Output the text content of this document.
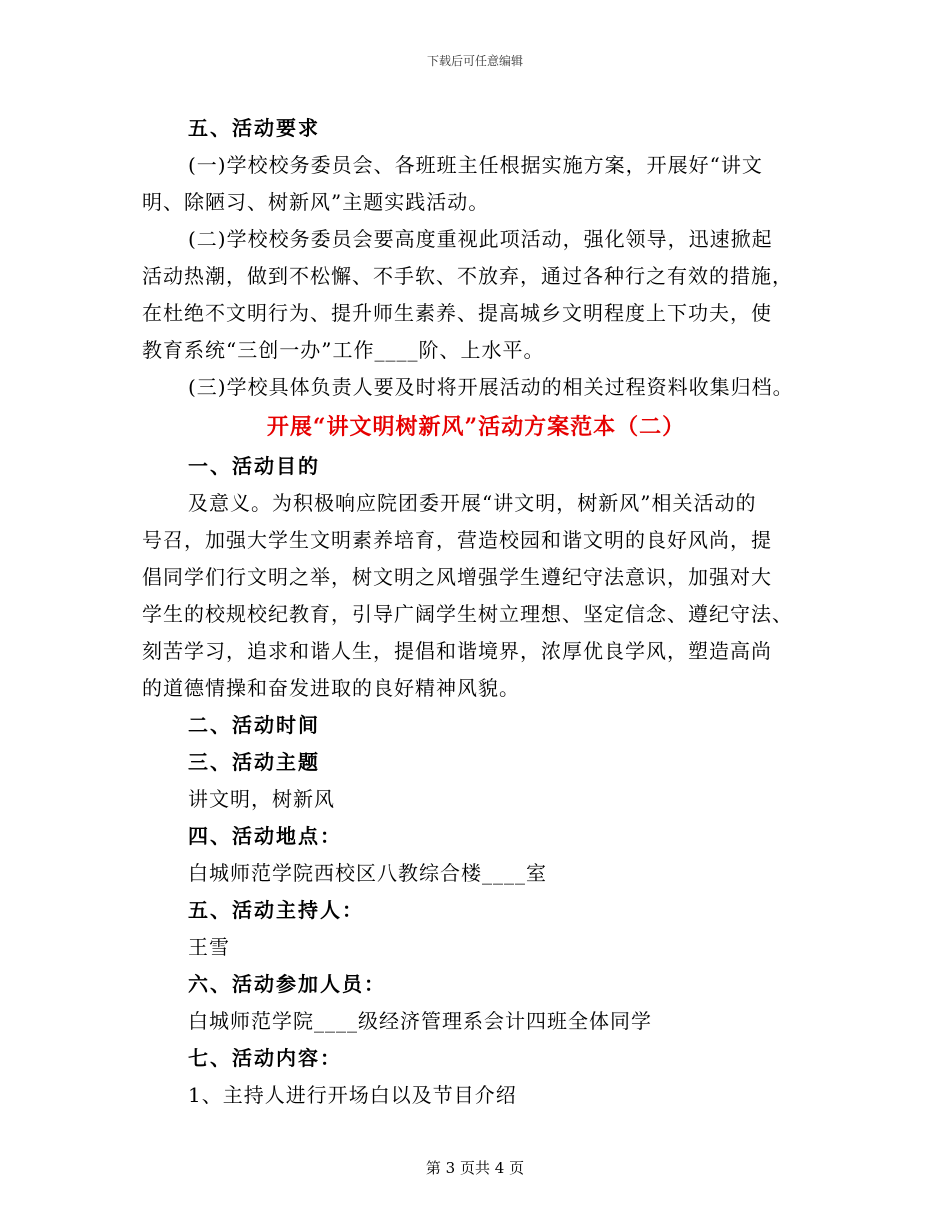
下载后可任意编辑
五、活动要求
(一)学校校务委员会、各班班主任根据实施方案，开展好“讲文
明、除陋习、树新风”主题实践活动。
(二)学校校务委员会要高度重视此项活动，强化领导，迅速掀起
活动热潮，做到不松懈、不手软、不放弃，通过各种行之有效的措施，
在杜绝不文明行为、提升师生素养、提高城乡文明程度上下功夫，使
教育系统“三创一办”工作____阶、上水平。
(三)学校具体负责人要及时将开展活动的相关过程资料收集归档。
开展“讲文明树新风”活动方案范本（二）
一、活动目的
及意义。为积极响应院团委开展“讲文明，树新风”相关活动的
号召，加强大学生文明素养培育，营造校园和谐文明的良好风尚，提
倡同学们行文明之举，树文明之风增强学生遵纪守法意识，加强对大
学生的校规校纪教育，引导广阔学生树立理想、坚定信念、遵纪守法、
刻苦学习，追求和谐人生，提倡和谐境界，浓厚优良学风，塑造高尚
的道德情操和奋发进取的良好精神风貌。
二、活动时间
三、活动主题
讲文明，树新风
四、活动地点：
白城师范学院西校区八教综合楼____室
五、活动主持人：
王雪
六、活动参加人员：
白城师范学院____级经济管理系会计四班全体同学
七、活动内容：
1、主持人进行开场白以及节目介绍
第 3 页共 4 页
